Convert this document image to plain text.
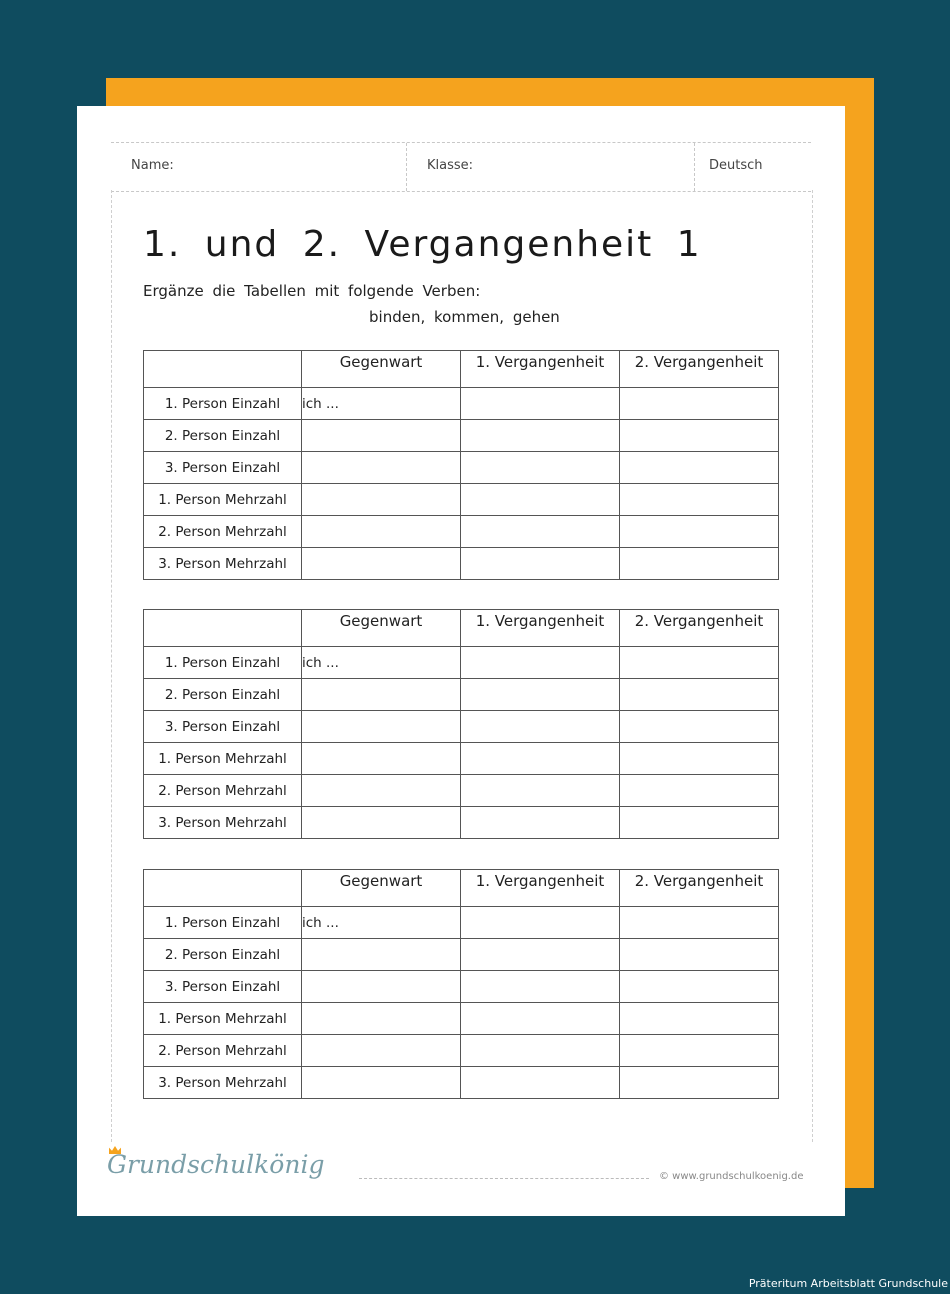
Name:	Klasse:	Deutsch
1. und 2. Vergangenheit 1
Ergänze die Tabellen mit folgende Verben:
binden, kommen, gehen
	Gegenwart	1. Vergangenheit	2. Vergangenheit
1. Person Einzahl	ich ...		
2. Person Einzahl			
3. Person Einzahl			
1. Person Mehrzahl			
2. Person Mehrzahl			
3. Person Mehrzahl			
	Gegenwart	1. Vergangenheit	2. Vergangenheit
1. Person Einzahl	ich ...		
2. Person Einzahl			
3. Person Einzahl			
1. Person Mehrzahl			
2. Person Mehrzahl			
3. Person Mehrzahl			
	Gegenwart	1. Vergangenheit	2. Vergangenheit
1. Person Einzahl	ich ...		
2. Person Einzahl			
3. Person Einzahl			
1. Person Mehrzahl			
2. Person Mehrzahl			
3. Person Mehrzahl			
Grundschulkönig	© www.grundschulkoenig.de
Präteritum Arbeitsblatt Grundschule
